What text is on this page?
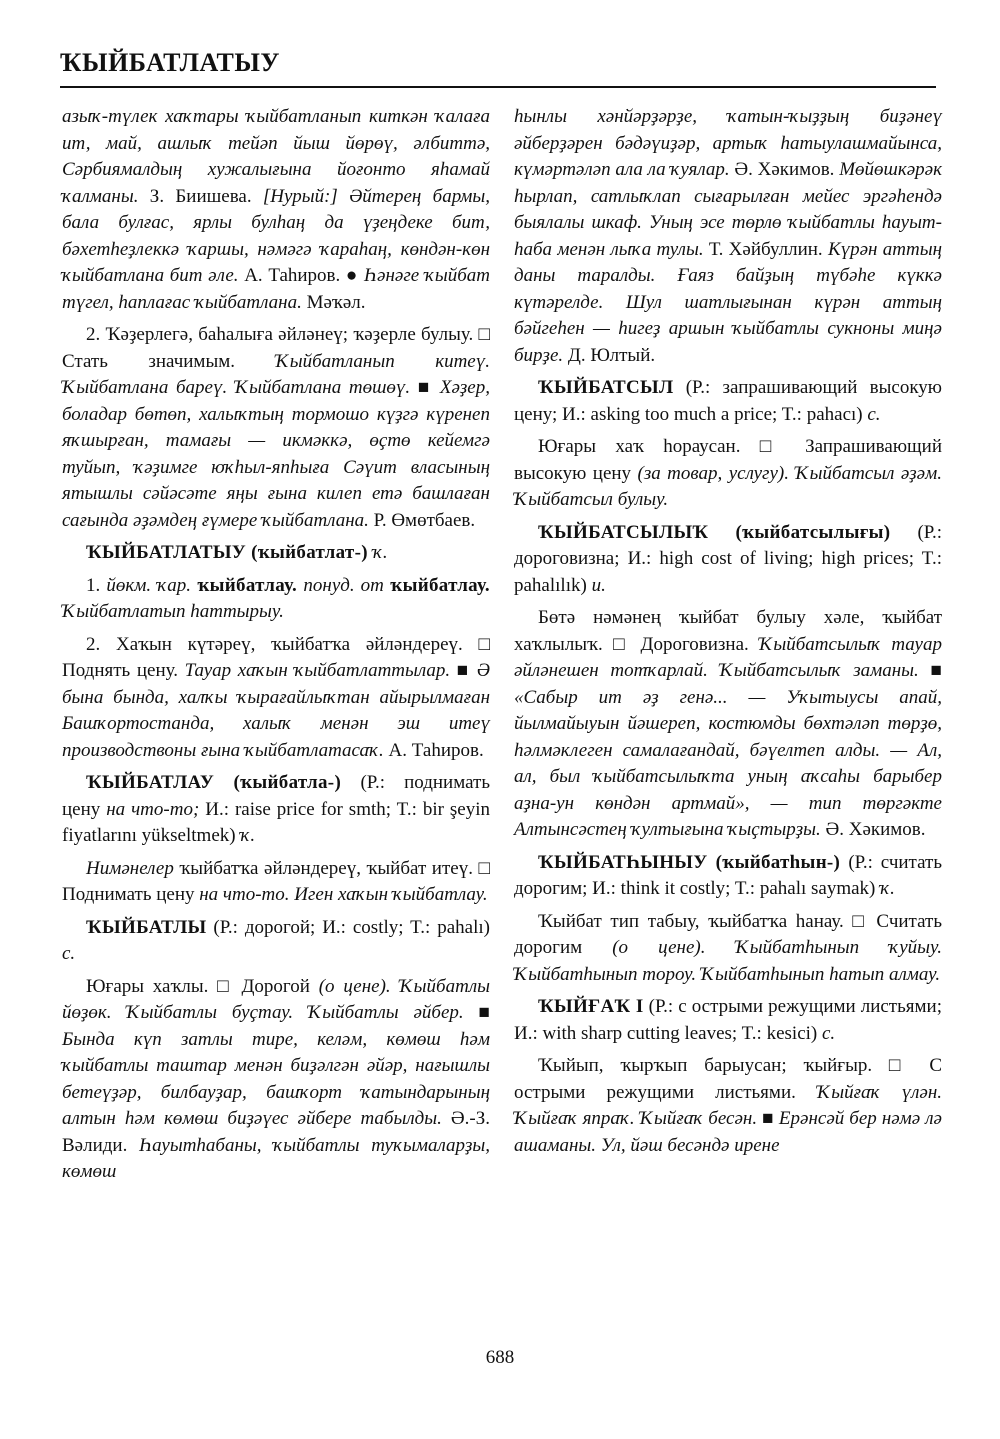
ҠЫЙБАТЛАТЫУ

азыҡ-түлек хаҡтары ҡыйбатланып киткән ҡалаға ит, май, ашлыҡ тейәп йыш йөрөү, әлбиттә, Сәрбиямалдың хужалығына йоғонто яһамай ҡалманы. З. Биишева. [Нурый:] Әйтерең бармы, бала булғас, ярлы булһаң да үҙеңдеке бит, бәхетһеҙлеккә ҡаршы, нәмәгә ҡараһаң, көндән-көн ҡыйбатлана бит әле. А. Таһиров. ● Һәнәге ҡыйбат түгел, һаплағас ҡыйбатлана. Мәҡәл.

2. Ҡәҙерлегә, баһалыға әйләнеү; ҡәҙерле булыу. □ Стать значимым. Ҡыйбатланып китеү. Ҡыйбатлана бареү. Ҡыйбатлана төшөү. ■ Хәҙер, боладар бөтөп, халыҡтың тормошо күҙгә күренеп яҡшырған, тамағы — икмәккә, өҫтө кейемгә туйып, ҡәҙимге юҡһыл-япһыға Сәүит власының ятышлы сәйәсәте яңы ғына килеп етә башлаған сағында әҙәмдең ғүмере ҡыйбатлана. Р. Өмөтбаев.

ҠЫЙБАТЛАТЫУ (ҡыйбатлат-) ҡ.

1. йөкм. ҡар. ҡыйбатлау. понуд. от ҡыйбатлау. Ҡыйбатлатып һаттырыу.

2. Хаҡын күтәреү, ҡыйбатҡа әйләндереү. □ Поднять цену. Тауар хаҡын ҡыйбатлаттылар. ■ Ә бына бында, халҡы ҡырағайлыҡтан айырылмаған Башҡортостанда, халыҡ менән эш итеү производствоны ғына ҡыйбатлатасаҡ. А. Таһиров.

ҠЫЙБАТЛАУ (ҡыйбатла-) (Р.: поднимать цену на что-то; И.: raise price for smth; T.: bir şeyin fiyatlarını yükseltmek) ҡ.

Нимәнелер ҡыйбатҡа әйләндереү, ҡыйбат итеү. □ Поднимать цену на что-то. Иген хаҡын ҡыйбатлау.

ҠЫЙБАТЛЫ (Р.: дорогой; И.: costly; T.: pahalı) с.

Юғары хаҡлы. □ Дорогой (о цене). Ҡыйбатлы йөҙөк. Ҡыйбатлы буҫтау. Ҡыйбатлы әйбер. ■ Бында күп затлы тире, келәм, көмөш һәм ҡыйбатлы таштар менән биҙәлгән әйәр, нағышлы бетеүҙәр, билбауҙар, башҡорт ҡатындарының алтын һәм көмөш биҙәүес әйбере табылды. Ә.-З. Вәлиди. Һауытһабаны, ҡыйбатлы туҡымаларҙы, көмөш

һынлы хәнйәрҙәрҙе, ҡатын-ҡыҙҙың биҙәнеү әйберҙәрен бәдәүиҙәр, артыҡ һатыулашмайынса, күмәртәләп ала ла ҡуялар. Ә. Хәкимов. Мөйөшкәрәк һырлап, сатлыҡлап сығарылған мейес эргәһендә быялалы шкаф. Уның эсе төрлө ҡыйбатлы һауыт-һаба менән лыҡа тулы. Т. Хәйбуллин. Күрән аттың даны таралды. Ғаяз байҙың түбәһе күккә күтәрелде. Шул шатлығынан күрән аттың бәйгеһен — һигеҙ аршын ҡыйбатлы сукноны миңә бирҙе. Д. Юлтый.

ҠЫЙБАТСЫЛ (Р.: запрашивающий высокую цену; И.: asking too much a price; T.: pahacı) с.

Юғары хаҡ һорауcан. □ Запрашивающий высокую цену (за товар, услугу). Ҡыйбатсыл әҙәм. Ҡыйбатсыл булыу.

ҠЫЙБАТСЫЛЫҠ (ҡыйбатсылығы) (Р.: дороговизна; И.: high cost of living; high prices; T.: pahalılık) и.

Бөтә нәмәнең ҡыйбат булыу хәле, ҡыйбат хаҡлылыҡ. □ Дороговизна. Ҡыйбатсылыҡ тауар әйләнешен тотҡарлай. Ҡыйбатсылыҡ заманы. ■ «Сабыр ит әҙ генә... — Уҡытыусы апай, йылмайыуын йәшереп, костюмды бөхтәләп төрҙө, һәлмәклеген самалағандай, бәүелтеп алды. — Ал, ал, был ҡыйбатсылыҡта уның аҡсаһы барыбер аҙна-ун көндән артмай», — тип төргәкте Алтынсәстең ҡултығына ҡыҫтырҙы. Ә. Хәкимов.

ҠЫЙБАТҺЫНЫУ (ҡыйбатһын-) (Р.: считать дорогим; И.: think it costly; T.: pahalı saymak) ҡ.

Ҡыйбат тип табыу, ҡыйбатҡа һанау. □ Считать дорогим (о цене). Ҡыйбатһынып ҡуйыу. Ҡыйбатһынып тороу. Ҡыйбатһынып һатып алмау.

ҠЫЙҒАҠ I (Р.: с острыми режущими листьями; И.: with sharp cutting leaves; T.: kesici) с.

Ҡыйып, ҡырҡып барыусан; ҡыйғыр. □ С острыми режущими листьями. Ҡыйғаҡ үлән. Ҡыйғаҡ япраҡ. Ҡыйғаҡ бесән. ■ Ерәнсәй бер нәмә лә ашаманы. Ул, йәш бесәндә ирене

688
